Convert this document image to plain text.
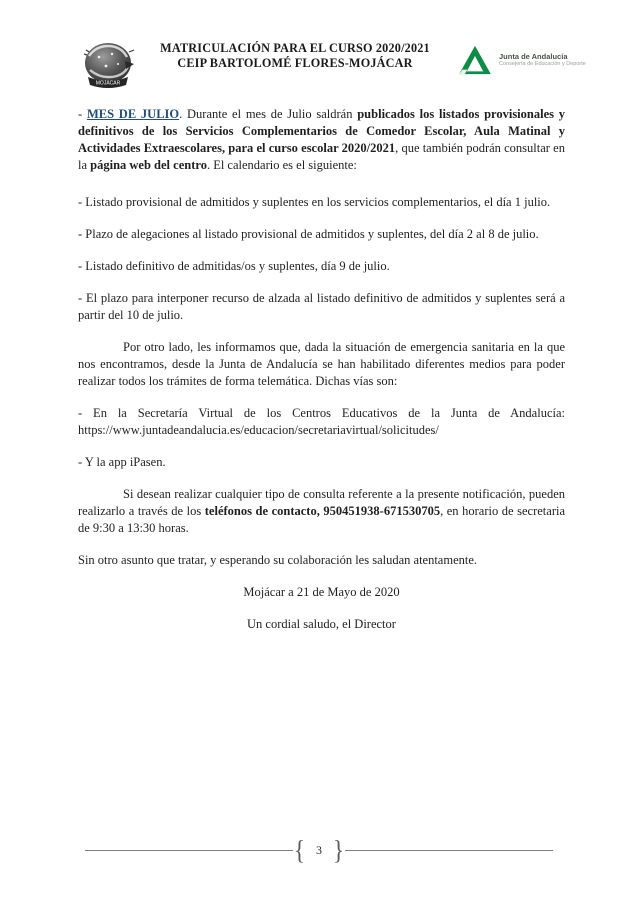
MOJACAR
MATRICULACIÓN PARA EL CURSO 2020/2021
CEIP BARTOLOMÉ FLORES-MOJÁCAR	Junta de Andalucía
Consejería de Educación y Deporte

- MES DE JULIO. Durante el mes de Julio saldrán publicados los listados provisionales y definitivos de los Servicios Complementarios de Comedor Escolar, Aula Matinal y Actividades Extraescolares, para el curso escolar 2020/2021, que también podrán consultar en la página web del centro. El calendario es el siguiente:

- Listado provisional de admitidos y suplentes en los servicios complementarios, el día 1 julio.

- Plazo de alegaciones al listado provisional de admitidos y suplentes, del día 2 al 8 de julio.

- Listado definitivo de admitidas/os y suplentes, día 9 de julio.

- El plazo para interponer recurso de alzada al listado definitivo de admitidos y suplentes será a partir del 10 de julio.

Por otro lado, les informamos que, dada la situación de emergencia sanitaria en la que nos encontramos, desde la Junta de Andalucía se han habilitado diferentes medios para poder realizar todos los trámites de forma telemática. Dichas vías son:

- En la Secretaría Virtual de los Centros Educativos de la Junta de Andalucía: https://www.juntadeandalucia.es/educacion/secretariavirtual/solicitudes/

- Y la app iPasen.

Si desean realizar cualquier tipo de consulta referente a la presente notificación, pueden realizarlo a través de los teléfonos de contacto, 950451938-671530705, en horario de secretaria de 9:30 a 13:30 horas.

Sin otro asunto que tratar, y esperando su colaboración les saludan atentamente.

Mojácar a 21 de Mayo de 2020

Un cordial saludo, el Director

{ 3 }
